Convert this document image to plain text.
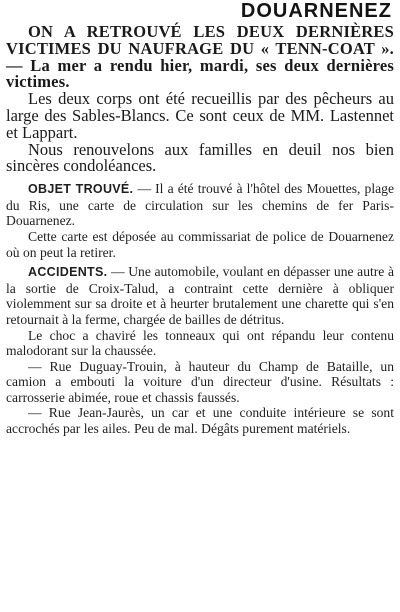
DOUARNENEZ

ON A RETROUVÉ LES DEUX DERNIÈRES VICTIMES DU NAUFRAGE DU « TENN-COAT ». — La mer a rendu hier, mardi, ses deux dernières victimes.

Les deux corps ont été recueillis par des pêcheurs au large des Sables-Blancs. Ce sont ceux de MM. Lastennet et Lappart.

Nous renouvelons aux familles en deuil nos bien sincères condoléances.

OBJET TROUVÉ. — Il a été trouvé à l'hôtel des Mouettes, plage du Ris, une carte de circulation sur les chemins de fer Paris-Douarnenez.

Cette carte est déposée au commissariat de police de Douarnenez où on peut la retirer.

ACCIDENTS. — Une automobile, voulant en dépasser une autre à la sortie de Croix-Talud, a contraint cette dernière à obliquer violemment sur sa droite et à heurter brutalement une charette qui s'en retournait à la ferme, chargée de bailles de détritus.

Le choc a chaviré les tonneaux qui ont répandu leur contenu malodorant sur la chaussée.

— Rue Duguay-Trouin, à hauteur du Champ de Bataille, un camion a embouti la voiture d'un directeur d'usine. Résultats : carrosserie abimée, roue et chassis faussés.

— Rue Jean-Jaurès, un car et une conduite intérieure se sont accrochés par les ailes. Peu de mal. Dégâts purement matériels.
